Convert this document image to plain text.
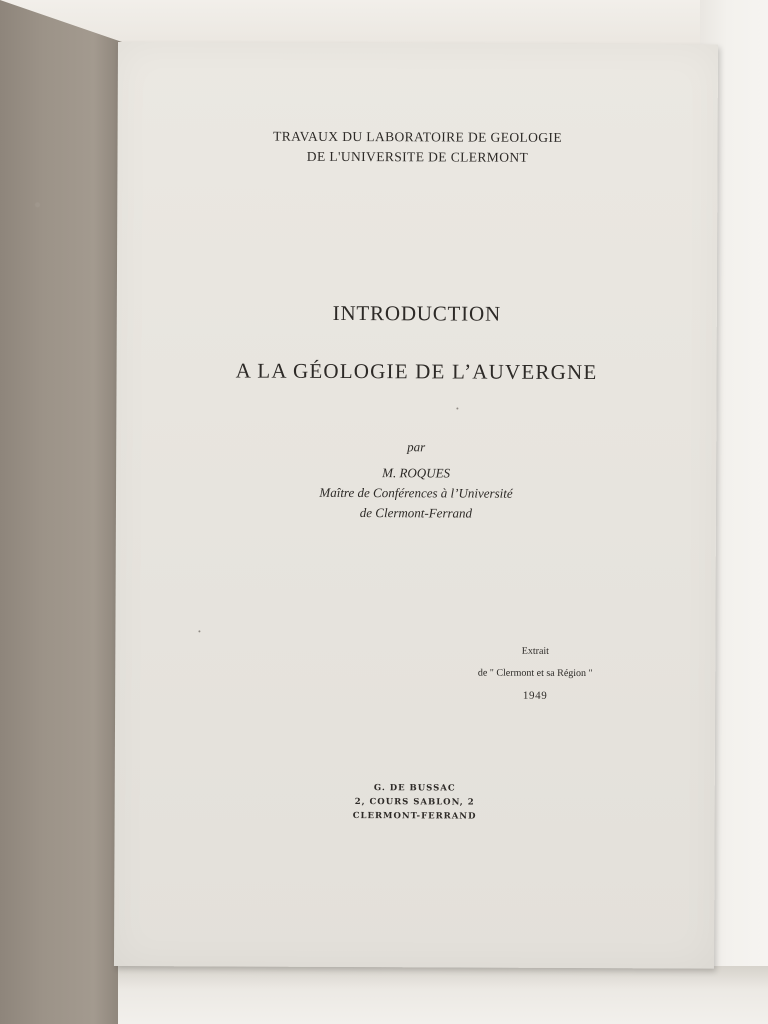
TRAVAUX DU LABORATOIRE DE GEOLOGIE
DE L'UNIVERSITE DE CLERMONT
INTRODUCTION
A LA GÉOLOGIE DE L’AUVERGNE
par
M. ROQUES
Maître de Conférences à l’Université
de Clermont-Ferrand
Extrait
de " Clermont et sa Région "
1949
G. DE BUSSAC
2, COURS SABLON, 2
CLERMONT-FERRAND
